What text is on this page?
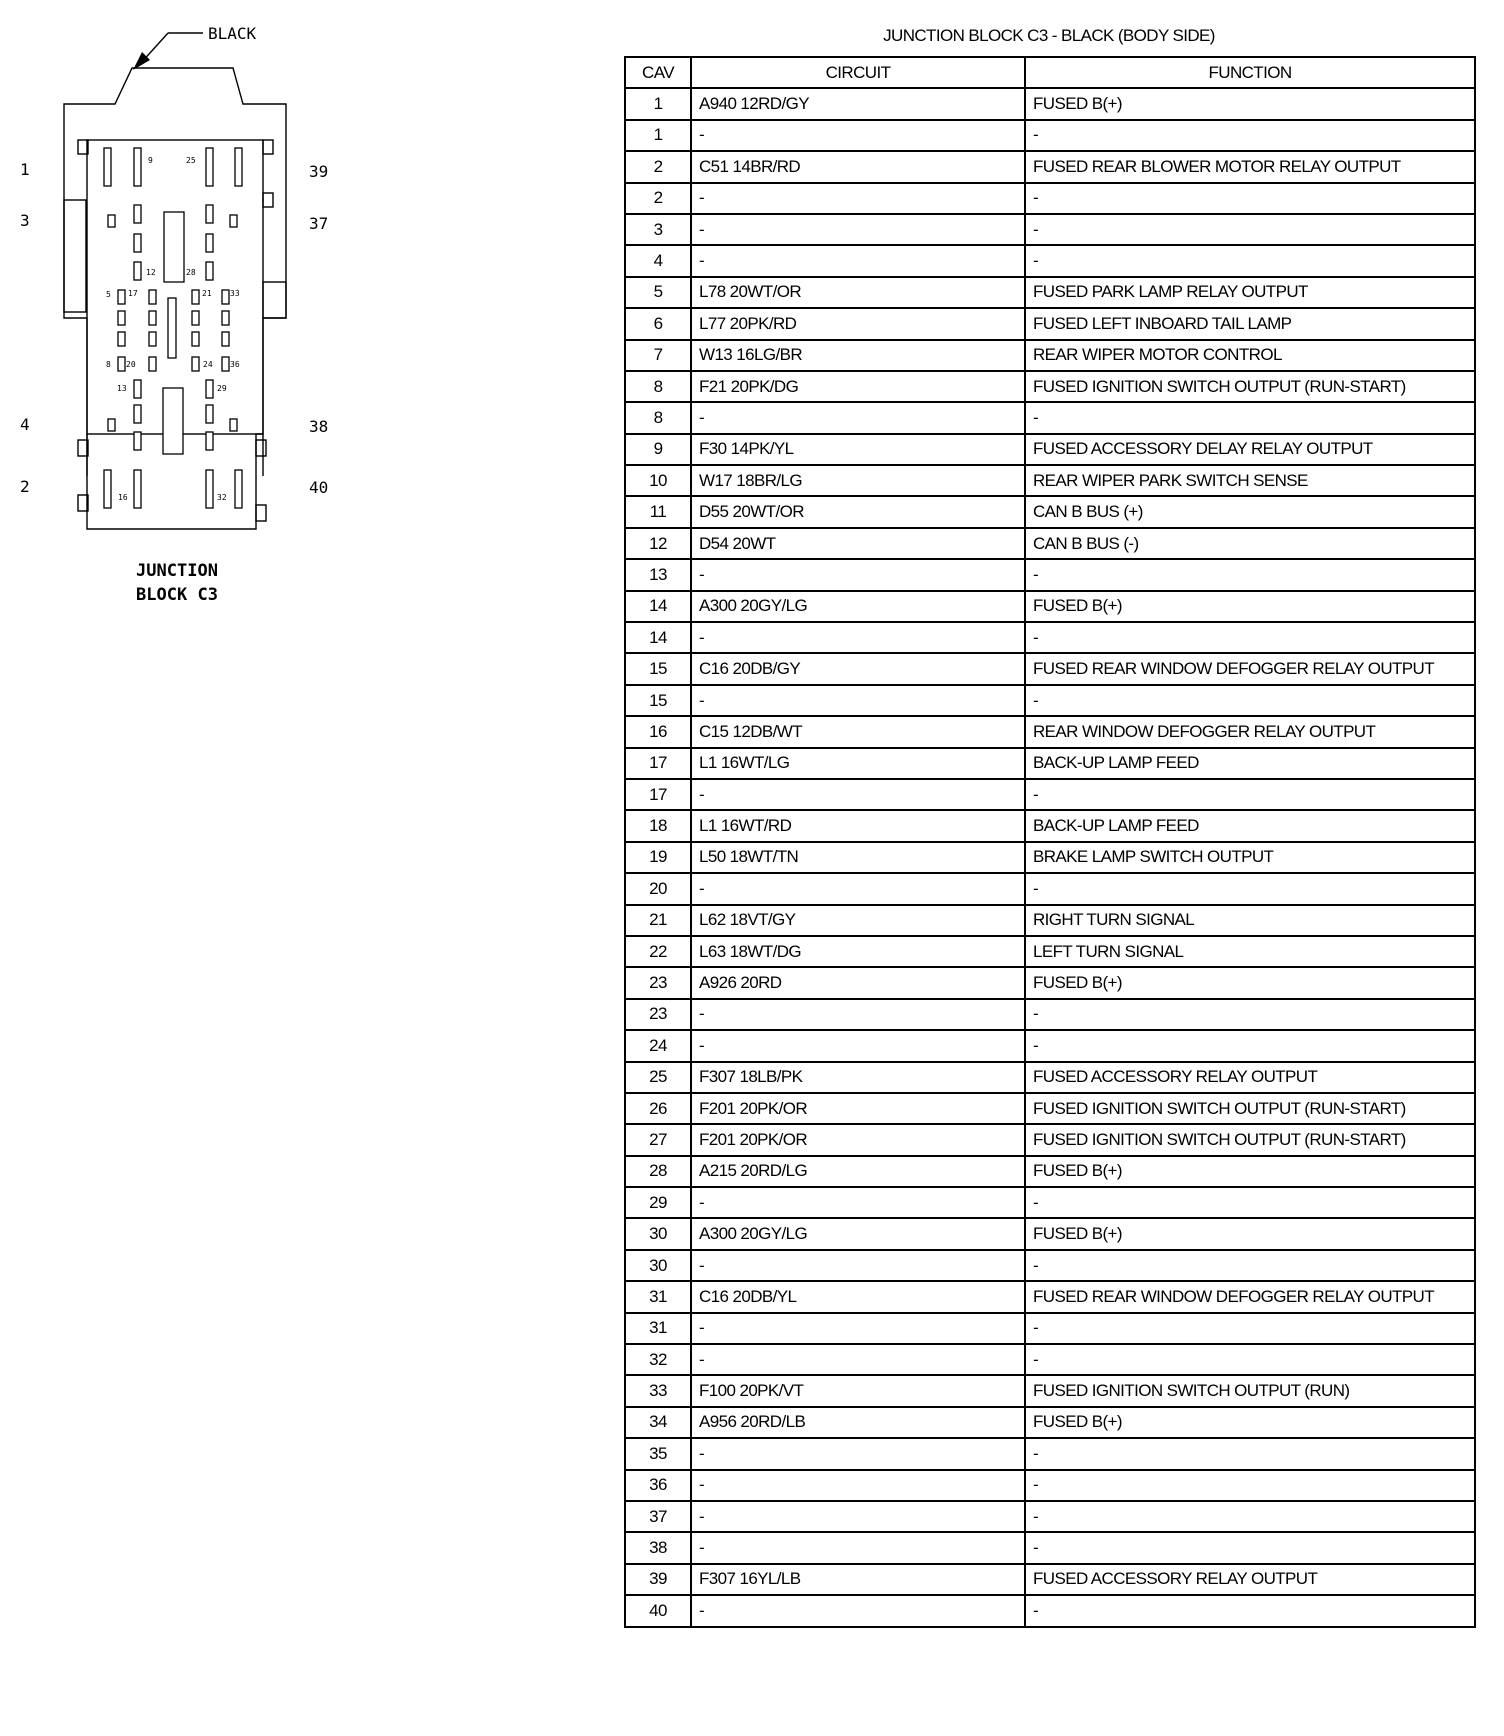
BLACK
9	25
12	28
5 17	21 33
8 20	24 36
13	29
16	32
1
3
4
2
39
37
38
40
JUNCTION
BLOCK C3
JUNCTION BLOCK C3 - BLACK (BODY SIDE)
CAV	CIRCUIT	FUNCTION
1	A940 12RD/GY	FUSED B(+)
1	-	-
2	C51 14BR/RD	FUSED REAR BLOWER MOTOR RELAY OUTPUT
2	-	-
3	-	-
4	-	-
5	L78 20WT/OR	FUSED PARK LAMP RELAY OUTPUT
6	L77 20PK/RD	FUSED LEFT INBOARD TAIL LAMP
7	W13 16LG/BR	REAR WIPER MOTOR CONTROL
8	F21 20PK/DG	FUSED IGNITION SWITCH OUTPUT (RUN-START)
8	-	-
9	F30 14PK/YL	FUSED ACCESSORY DELAY RELAY OUTPUT
10	W17 18BR/LG	REAR WIPER PARK SWITCH SENSE
11	D55 20WT/OR	CAN B BUS (+)
12	D54 20WT	CAN B BUS (-)
13	-	-
14	A300 20GY/LG	FUSED B(+)
14	-	-
15	C16 20DB/GY	FUSED REAR WINDOW DEFOGGER RELAY OUTPUT
15	-	-
16	C15 12DB/WT	REAR WINDOW DEFOGGER RELAY OUTPUT
17	L1 16WT/LG	BACK-UP LAMP FEED
17	-	-
18	L1 16WT/RD	BACK-UP LAMP FEED
19	L50 18WT/TN	BRAKE LAMP SWITCH OUTPUT
20	-	-
21	L62 18VT/GY	RIGHT TURN SIGNAL
22	L63 18WT/DG	LEFT TURN SIGNAL
23	A926 20RD	FUSED B(+)
23	-	-
24	-	-
25	F307 18LB/PK	FUSED ACCESSORY RELAY OUTPUT
26	F201 20PK/OR	FUSED IGNITION SWITCH OUTPUT (RUN-START)
27	F201 20PK/OR	FUSED IGNITION SWITCH OUTPUT (RUN-START)
28	A215 20RD/LG	FUSED B(+)
29	-	-
30	A300 20GY/LG	FUSED B(+)
30	-	-
31	C16 20DB/YL	FUSED REAR WINDOW DEFOGGER RELAY OUTPUT
31	-	-
32	-	-
33	F100 20PK/VT	FUSED IGNITION SWITCH OUTPUT (RUN)
34	A956 20RD/LB	FUSED B(+)
35	-	-
36	-	-
37	-	-
38	-	-
39	F307 16YL/LB	FUSED ACCESSORY RELAY OUTPUT
40	-	-
